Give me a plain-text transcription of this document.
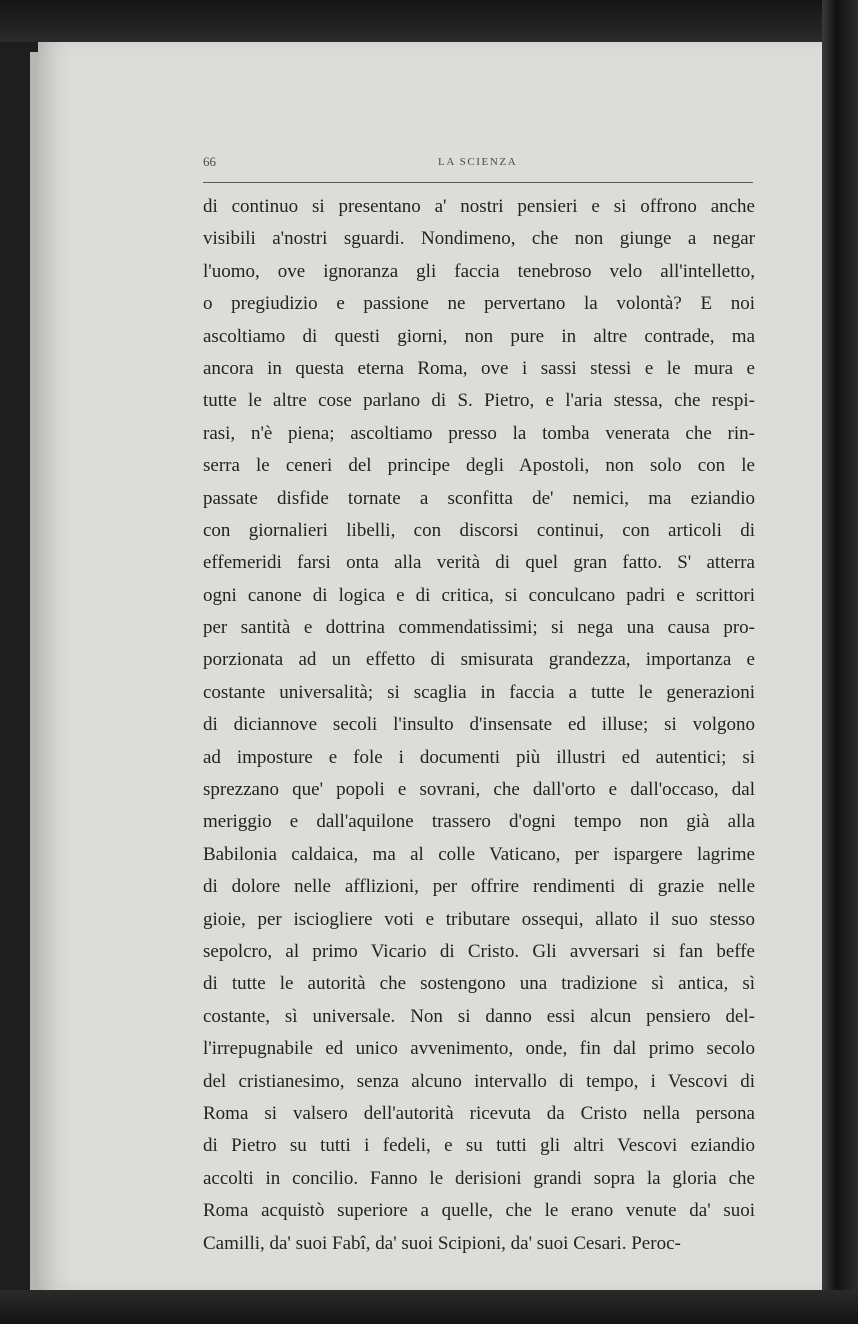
66	LA SCIENZA
di continuo si presentano a' nostri pensieri e si offrono anche
visibili a'nostri sguardi. Nondimeno, che non giunge a negar
l'uomo, ove ignoranza gli faccia tenebroso velo all'intelletto,
o pregiudizio e passione ne pervertano la volontà? E noi
ascoltiamo di questi giorni, non pure in altre contrade, ma
ancora in questa eterna Roma, ove i sassi stessi e le mura e
tutte le altre cose parlano di S. Pietro, e l'aria stessa, che respi-
rasi, n'è piena; ascoltiamo presso la tomba venerata che rin-
serra le ceneri del principe degli Apostoli, non solo con le
passate disfide tornate a sconfitta de' nemici, ma eziandio
con giornalieri libelli, con discorsi continui, con articoli di
effemeridi farsi onta alla verità di quel gran fatto. S' atterra
ogni canone di logica e di critica, si conculcano padri e scrittori
per santità e dottrina commendatissimi; si nega una causa pro-
porzionata ad un effetto di smisurata grandezza, importanza e
costante universalità; si scaglia in faccia a tutte le generazioni
di diciannove secoli l'insulto d'insensate ed illuse; si volgono
ad imposture e fole i documenti più illustri ed autentici; si
sprezzano que' popoli e sovrani, che dall'orto e dall'occaso, dal
meriggio e dall'aquilone trassero d'ogni tempo non già alla
Babilonia caldaica, ma al colle Vaticano, per ispargere lagrime
di dolore nelle afflizioni, per offrire rendimenti di grazie nelle
gioie, per isciogliere voti e tributare ossequi, allato il suo stesso
sepolcro, al primo Vicario di Cristo. Gli avversari si fan beffe
di tutte le autorità che sostengono una tradizione sì antica, sì
costante, sì universale. Non si danno essi alcun pensiero del-
l'irrepugnabile ed unico avvenimento, onde, fin dal primo secolo
del cristianesimo, senza alcuno intervallo di tempo, i Vescovi di
Roma si valsero dell'autorità ricevuta da Cristo nella persona
di Pietro su tutti i fedeli, e su tutti gli altri Vescovi eziandio
accolti in concilio. Fanno le derisioni grandi sopra la gloria che
Roma acquistò superiore a quelle, che le erano venute da' suoi
Camilli, da' suoi Fabî, da' suoi Scipioni, da' suoi Cesari. Peroc-
